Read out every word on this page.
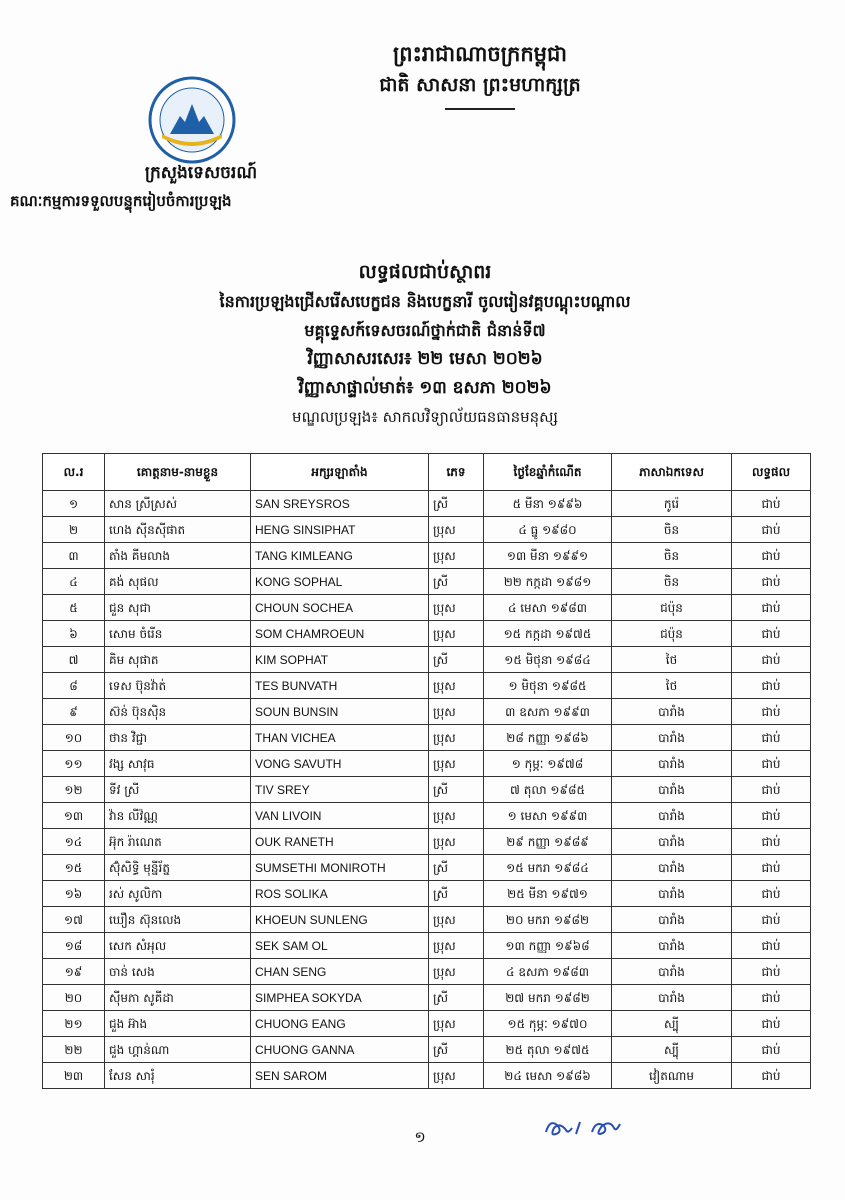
ព្រះរាជាណាចក្រកម្ពុជា
ជាតិ សាសនា ព្រះមហាក្សត្រ
ក្រសួងទេសចរណ៍
គណៈកម្មការទទួលបន្ទុករៀបចំការប្រឡង
លទ្ធផលជាប់ស្ថាពរ
នៃការប្រឡងជ្រើសរើសបេក្ខជន និងបេក្ខនារី ចូលរៀនវគ្គបណ្តុះបណ្តាល
មគ្គុទ្ទេសក៍ទេសចរណ៍ថ្នាក់ជាតិ ជំនាន់ទី៧
វិញ្ញាសាសរសេរ៖ ២២ មេសា ២០២៦
វិញ្ញាសាផ្ទាល់មាត់៖ ១៣ ឧសភា ២០២៦
មណ្ឌលប្រឡង៖ សាកលវិទ្យាល័យធនធានមនុស្ស
ល.រ	គោត្តនាម-នាមខ្លួន	អក្សរឡាតាំង	ភេទ	ថ្ងៃខែឆ្នាំកំណើត	ភាសាឯកទេស	លទ្ធផល
១	សាន ស្រីស្រស់	SAN SREYSROS	ស្រី	៥ មីនា ១៩៩៦	កូរ៉េ	ជាប់
២	ហេង ស៊ីនស៊ីផាត	HENG SINSIPHAT	ប្រុស	៤ ធ្នូ ១៩៨០	ចិន	ជាប់
៣	តាំង គីមលាង	TANG KIMLEANG	ប្រុស	១៣ មីនា ១៩៩១	ចិន	ជាប់
៤	គង់ សុផល	KONG SOPHAL	ស្រី	២២ កក្កដា ១៩៨១	ចិន	ជាប់
៥	ជួន សុជា	CHOUN SOCHEA	ប្រុស	៤ មេសា ១៩៨៣	ជប៉ុន	ជាប់
៦	សោម ចំរើន	SOM CHAMROEUN	ប្រុស	១៥ កក្កដា ១៩៧៥	ជប៉ុន	ជាប់
៧	គិម សុផាត	KIM SOPHAT	ស្រី	១៥ មិថុនា ១៩៨៤	ថៃ	ជាប់
៨	ទេស ប៊ុនវ៉ាត់	TES BUNVATH	ប្រុស	១ មិថុនា ១៩៨៥	ថៃ	ជាប់
៩	ស៊ន់ ប៊ុនស៊ិន	SOUN BUNSIN	ប្រុស	៣ ឧសភា ១៩៩៣	បារាំង	ជាប់
១០	ថាន វិជ្ជា	THAN VICHEA	ប្រុស	២៨ កញ្ញា ១៩៨៦	បារាំង	ជាប់
១១	វង្ស សាវុធ	VONG SAVUTH	ប្រុស	១ កុម្ភៈ ១៩៧៨	បារាំង	ជាប់
១២	ទីវ ស្រី	TIV SREY	ស្រី	៧ តុលា ១៩៨៥	បារាំង	ជាប់
១៣	វ៉ាន លីវ៉ណ្ណ	VAN LIVOIN	ប្រុស	១ មេសា ១៩៩៣	បារាំង	ជាប់
១៤	អ៊ុក រ៉ាណេត	OUK RANETH	ប្រុស	២៩ កញ្ញា ១៩៨៩	បារាំង	ជាប់
១៥	ស៊ុំសិទ្ធិ មុន្នីរ័ត្ន	SUMSETHI MONIROTH	ស្រី	១៥ មករា ១៩៨៤	បារាំង	ជាប់
១៦	រស់ សូលិកា	ROS SOLIKA	ស្រី	២៥ មីនា ១៩៧១	បារាំង	ជាប់
១៧	ឃឿន ស៊ុនលេង	KHOEUN SUNLENG	ប្រុស	២០ មករា ១៩៨២	បារាំង	ជាប់
១៨	សេក សំអុល	SEK SAM OL	ប្រុស	១៣ កញ្ញា ១៩៦៨	បារាំង	ជាប់
១៩	ចាន់ សេង	CHAN SENG	ប្រុស	៤ ឧសភា ១៩៨៣	បារាំង	ជាប់
២០	ស៊ីមភា សូគីដា	SIMPHEA SOKYDA	ស្រី	២៧ មករា ១៩៨២	បារាំង	ជាប់
២១	ជួង អ៊ាង	CHUONG EANG	ប្រុស	១៥ កុម្ភៈ ១៩៧០	ស្ប៉ី	ជាប់
២២	ជួង ហ្គាន់ណា	CHUONG GANNA	ស្រី	២៥ តុលា ១៩៧៥	ស្ប៉ី	ជាប់
២៣	សែន សារុំ	SEN SAROM	ប្រុស	២៤ មេសា ១៩៨៦	វៀតណាម	ជាប់
១
